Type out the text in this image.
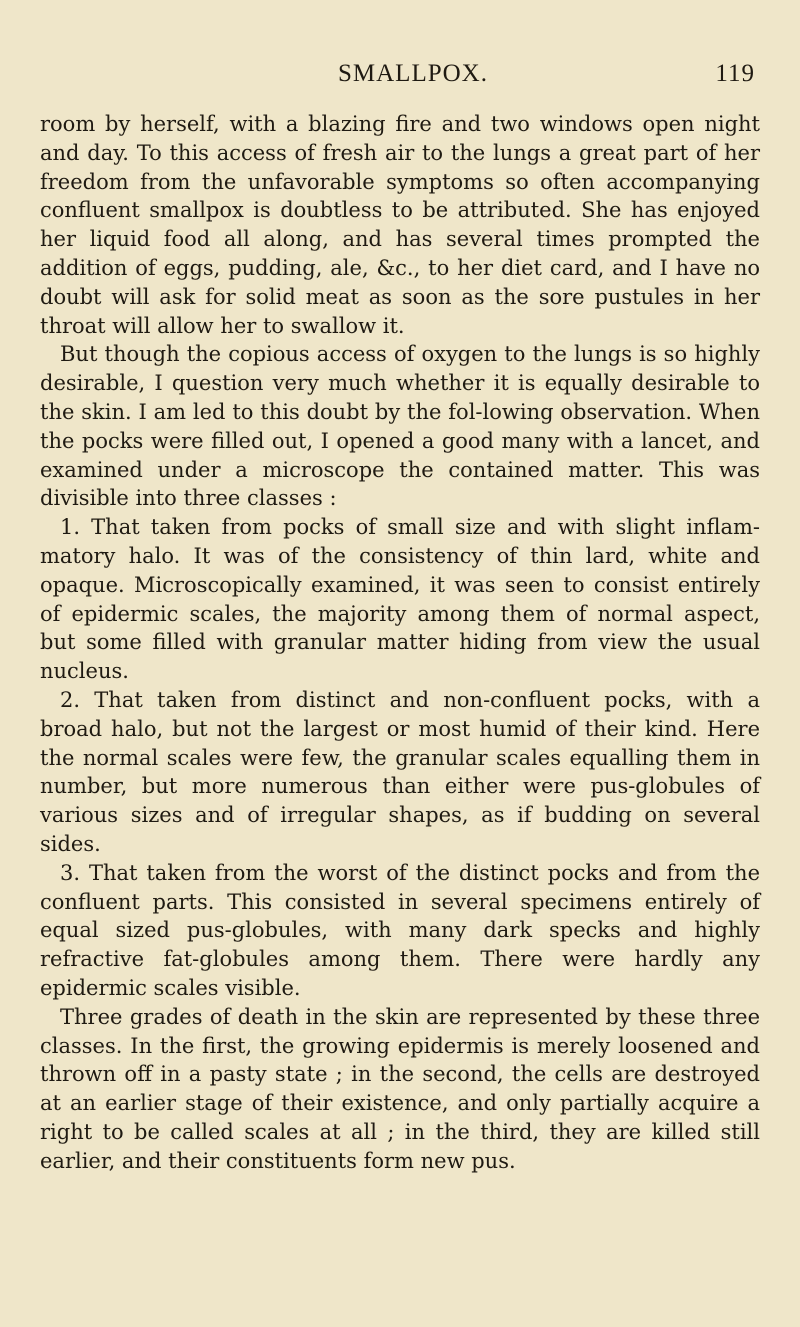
SMALLPOX.	119

room by herself, with a blazing fire and two windows open night and day. To this access of fresh air to the lungs a great part of her freedom from the unfavorable symptoms so often accompanying confluent smallpox is doubtless to be attributed. She has enjoyed her liquid food all along, and has several times prompted the addition of eggs, pudding, ale, &c., to her diet card, and I have no doubt will ask for solid meat as soon as the sore pustules in her throat will allow her to swallow it.

But though the copious access of oxygen to the lungs is so highly desirable, I question very much whether it is equally desirable to the skin. I am led to this doubt by the fol-lowing observation. When the pocks were filled out, I opened a good many with a lancet, and examined under a microscope the contained matter. This was divisible into three classes :

1. That taken from pocks of small size and with slight inflam-matory halo. It was of the consistency of thin lard, white and opaque. Microscopically examined, it was seen to consist entirely of epidermic scales, the majority among them of normal aspect, but some filled with granular matter hiding from view the usual nucleus.

2. That taken from distinct and non-confluent pocks, with a broad halo, but not the largest or most humid of their kind. Here the normal scales were few, the granular scales equalling them in number, but more numerous than either were pus-globules of various sizes and of irregular shapes, as if budding on several sides.

3. That taken from the worst of the distinct pocks and from the confluent parts. This consisted in several specimens entirely of equal sized pus-globules, with many dark specks and highly refractive fat-globules among them. There were hardly any epidermic scales visible.

Three grades of death in the skin are represented by these three classes. In the first, the growing epidermis is merely loosened and thrown off in a pasty state ; in the second, the cells are destroyed at an earlier stage of their existence, and only partially acquire a right to be called scales at all ; in the third, they are killed still earlier, and their constituents form new pus.
